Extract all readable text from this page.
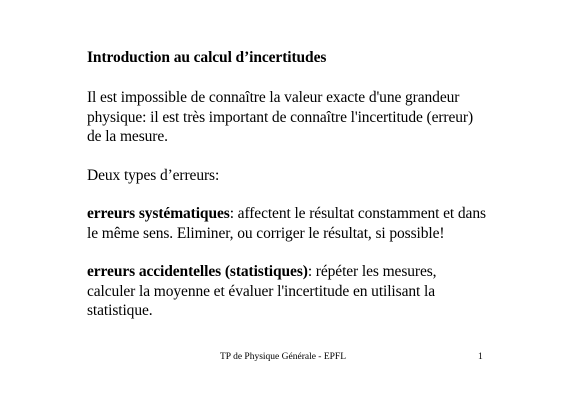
Introduction au calcul d’incertitudes

Il est impossible de connaître la valeur exacte d'une grandeur physique: il est très important de connaître l'incertitude (erreur) de la mesure.

Deux types d’erreurs:

erreurs systématiques: affectent le résultat constamment et dans le même sens. Eliminer, ou corriger le résultat, si possible!

erreurs accidentelles (statistiques): répéter les mesures, calculer la moyenne et évaluer l'incertitude en utilisant la statistique.

TP de Physique Générale - EPFL	1
